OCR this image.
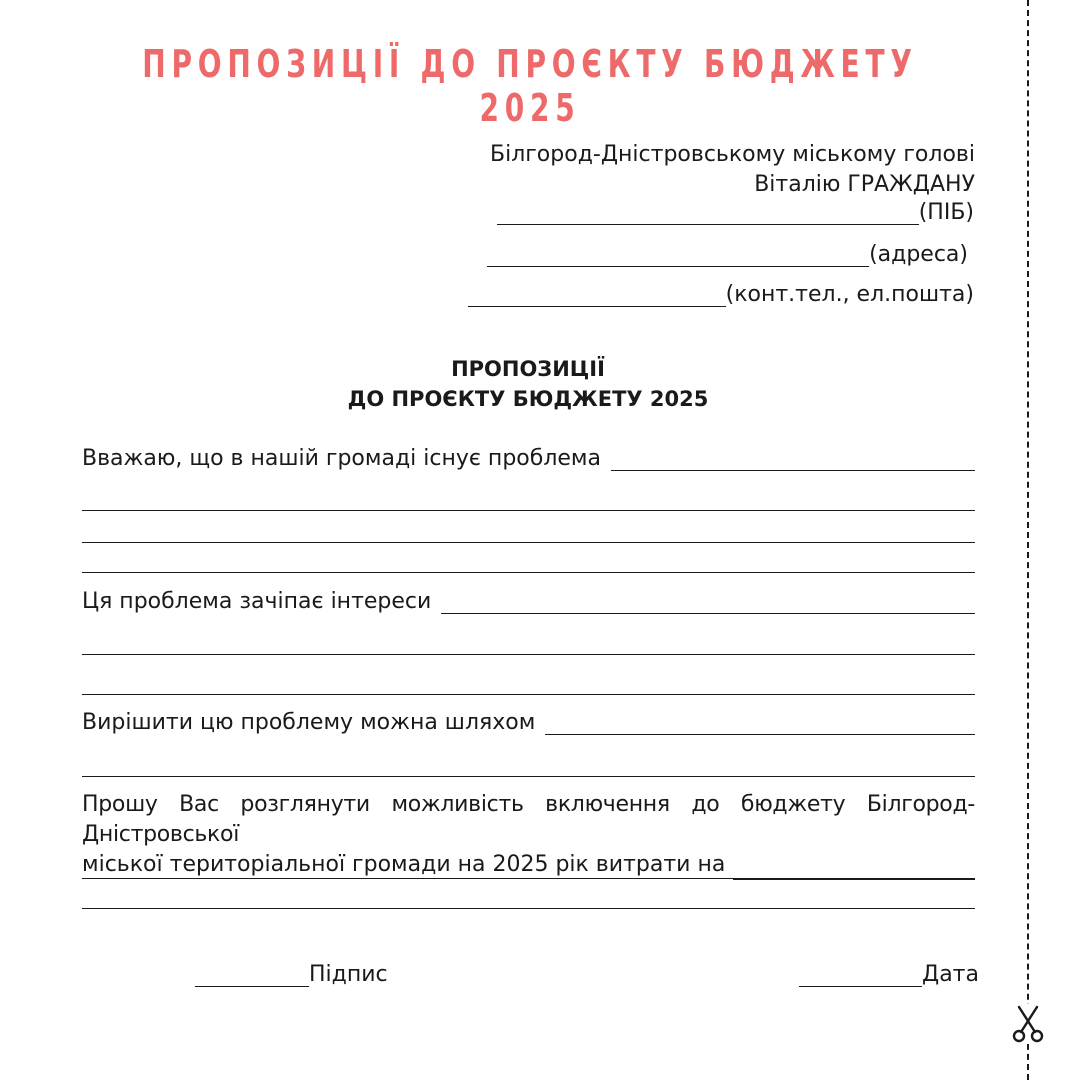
ПРОПОЗИЦІЇ ДО ПРОЄКТУ БЮДЖЕТУ 2025
Білгород-Дністровському міському голові
Віталію ГРАЖДАНУ
(ПІБ)
(адреса)
(конт.тел., ел.пошта)
ПРОПОЗИЦІЇ
ДО ПРОЄКТУ БЮДЖЕТУ 2025
Вважаю, що в нашій громаді існує проблема
Ця проблема зачіпає інтереси
Вирішити цю проблему можна шляхом
Прошу Вас розглянути можливість включення до бюджету Білгород-Дністровської
міської територіальної громади на 2025 рік витрати на
Підпис	Дата
